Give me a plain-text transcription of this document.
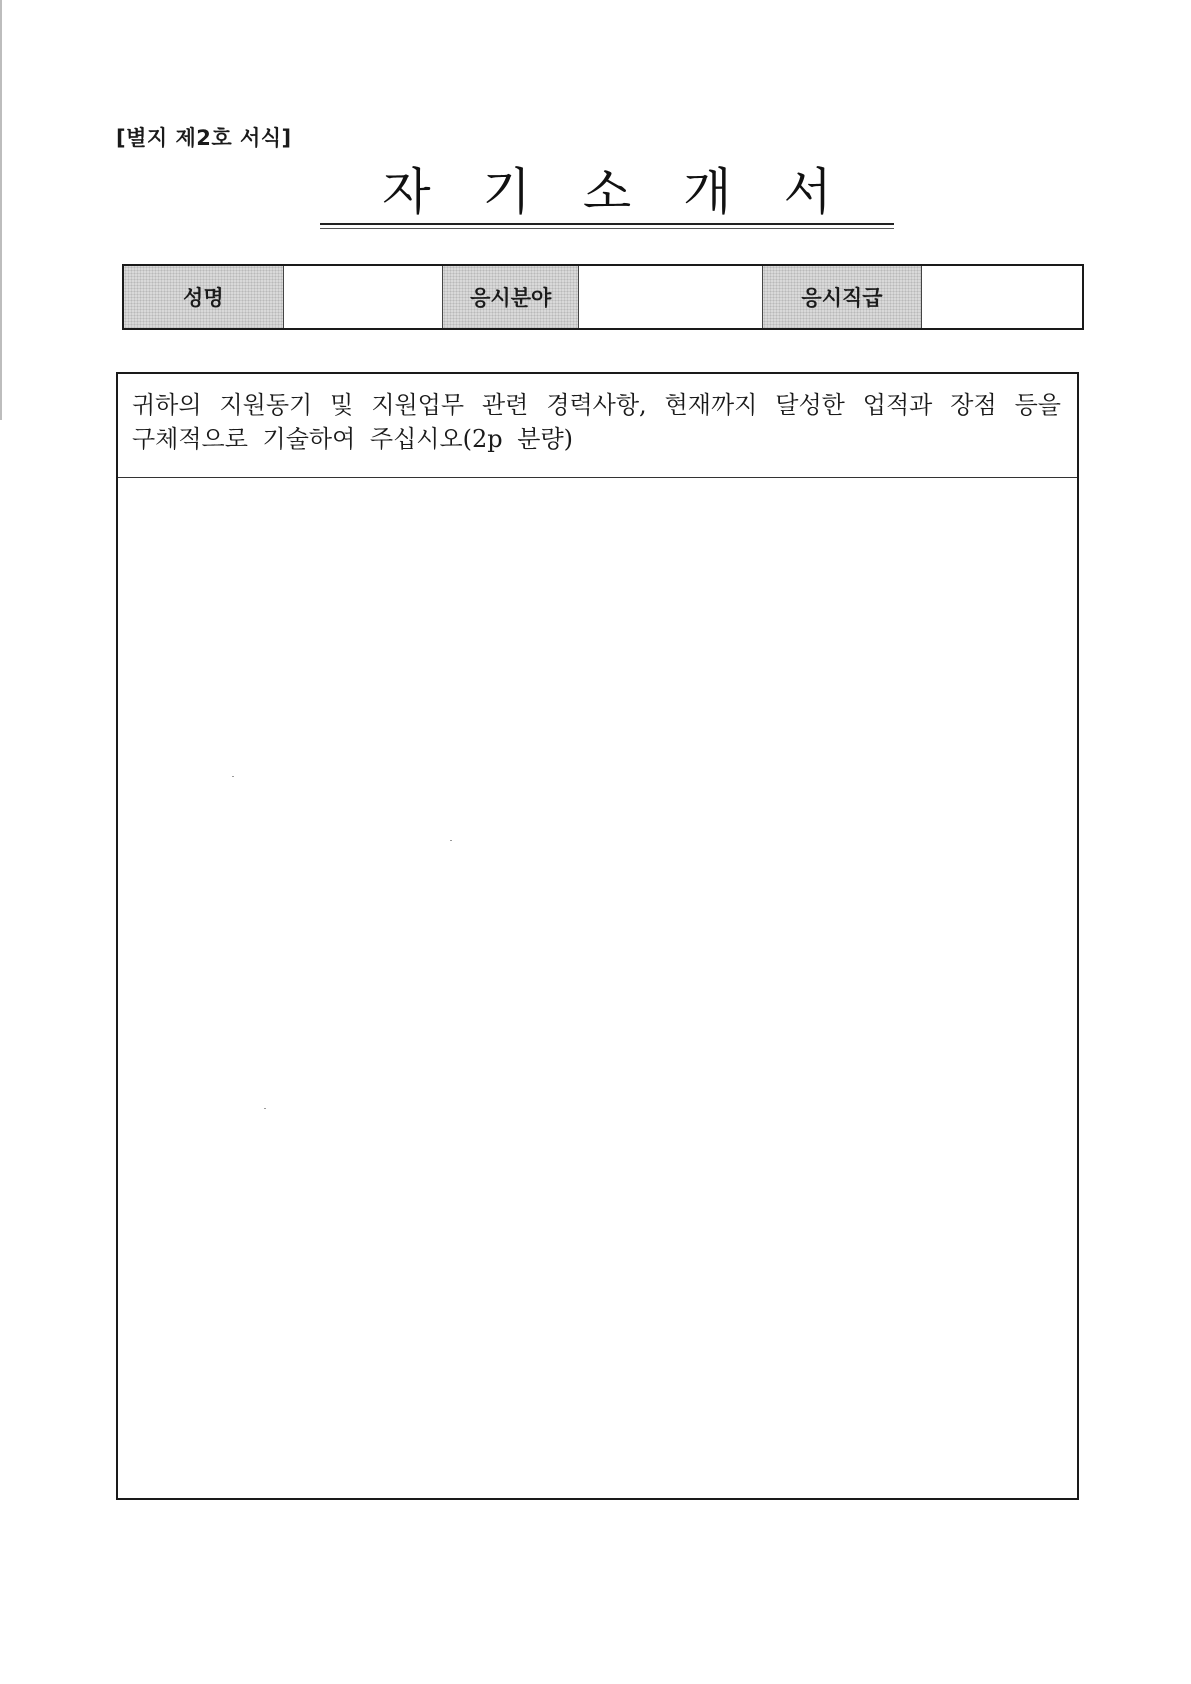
[별지 제2호 서식]
자기소개서
성명	응시분야	응시직급
귀하의 지원동기 및 지원업무 관련 경력사항, 현재까지 달성한 업적과 장점 등을 구체적으로 기술하여 주십시오(2p 분량)
